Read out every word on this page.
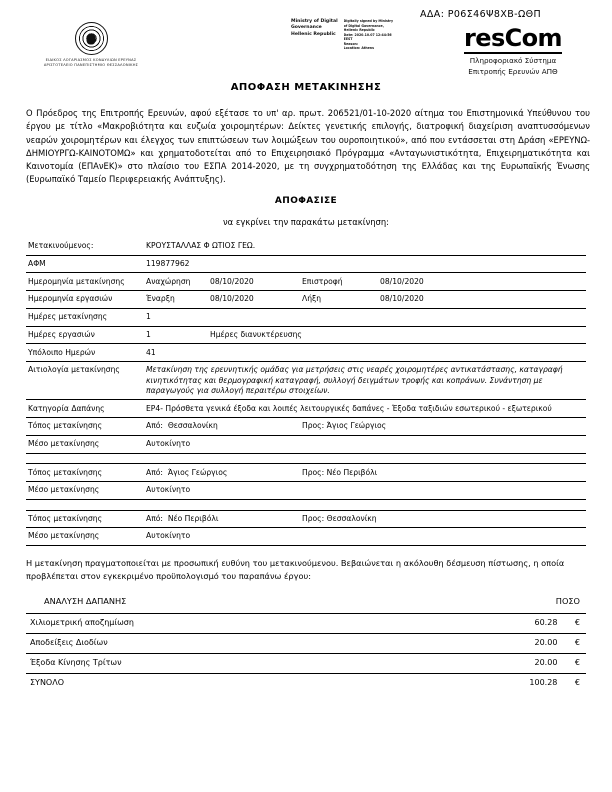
ΑΔΑ: Ρ06Σ46Ψ8ΧΒ-ΩΘΠ
ΕΙΔΙΚΟΣ ΛΟΓΑΡΙΑΣΜΟΣ ΚΟΝΔΥΛΙΩΝ ΕΡΕΥΝΑΣ
ΑΡΙΣΤΟΤΕΛΕΙΟ ΠΑΝΕΠΙΣΤΗΜΙΟ ΘΕΣΣΑΛΟΝΙΚΗΣ
Ministry of Digital
Governance
Hellenic Republic
Digitally signed by Ministry
of Digital Governance,
Hellenic Republic
Date: 2020.10.07 12:44:56
EEST
Reason:
Location: Athens	resCom
Πληροφοριακό Σύστημα
Επιτροπής Ερευνών ΑΠΘ
ΑΠΟΦΑΣΗ ΜΕΤΑΚΙΝΗΣΗΣ
Ο Πρόεδρος της Επιτροπής Ερευνών, αφού εξέτασε το υπ' αρ. πρωτ. 206521/01-10-2020 αίτημα του Επιστημονικά Υπεύθυνου του έργου με τίτλο «Μακροβιότητα και ευζωία χοιρομητέρων: Δείκτες γενετικής επιλογής, διατροφική διαχείριση αναπτυσσόμενων νεαρών χοιρομητέρων και έλεγχος των επιπτώσεων των λοιμώξεων του ουροποιητικού», από που εντάσσεται στη Δράση «ΕΡΕΥΝΩ-ΔΗΜΙΟΥΡΓΩ-ΚΑΙΝΟΤΟΜΩ» και χρηματοδοτείται από το Επιχειρησιακό Πρόγραμμα «Ανταγωνιστικότητα, Επιχειρηματικότητα και Καινοτομία (ΕΠΑνΕΚ)» στο πλαίσιο του ΕΣΠΑ 2014-2020, με τη συγχρηματοδότηση της Ελλάδας και της Ευρωπαϊκής Ένωσης (Ευρωπαϊκό Ταμείο Περιφερειακής Ανάπτυξης).
ΑΠΟΦΑΣΙΣΕ
να εγκρίνει την παρακάτω μετακίνηση:
Μετακινούμενος:	ΚΡΟΥΣΤΑΛΛΑΣ Φ ΩΤΙΟΣ ΓΕΩ.			
ΑΦΜ	119877962			
Ημερομηνία μετακίνησης	Αναχώρηση	08/10/2020	Επιστροφή	08/10/2020
Ημερομηνία εργασιών	Έναρξη	08/10/2020	Λήξη	08/10/2020
Ημέρες μετακίνησης	1			
Ημέρες εργασιών	1	Ημέρες διανυκτέρευσης		
Υπόλοιπο Ημερών	41			
Αιτιολογία μετακίνησης	Μετακίνηση της ερευνητικής ομάδας για μετρήσεις στις νεαρές χοιρομητέρες αντικατάστασης, καταγραφή κινητικότητας και θερμογραφική καταγραφή, συλλογή δειγμάτων τροφής και κοπράνων. Συνάντηση με παραγωγούς για συλλογή περαιτέρω στοιχείων.			
Κατηγορία Δαπάνης	EP4- Πρόσθετα γενικά έξοδα και λοιπές λειτουργικές δαπάνες - Έξοδα ταξιδιών εσωτερικού - εξωτερικού			
Τόπος μετακίνησης	Από: Θεσσαλονίκη		Προς: Άγιος Γεώργιος	
Μέσο μετακίνησης	Αυτοκίνητο			

Τόπος μετακίνησης	Από: Άγιος Γεώργιος		Προς: Νέο Περιβόλι	
Μέσο μετακίνησης	Αυτοκίνητο			

Τόπος μετακίνησης	Από: Νέο Περιβόλι		Προς: Θεσσαλονίκη	
Μέσο μετακίνησης	Αυτοκίνητο			
Η μετακίνηση πραγματοποιείται με προσωπική ευθύνη του μετακινούμενου. Βεβαιώνεται η ακόλουθη δέσμευση πίστωσης, η οποία προβλέπεται στον εγκεκριμένο προϋπολογισμό του παραπάνω έργου:
ΑΝΑΛΥΣΗ ΔΑΠΑΝΗΣ	ΠΟΣΟ
Χιλιομετρική αποζημίωση	60.28	€
Αποδείξεις Διοδίων	20.00	€
Έξοδα Κίνησης Τρίτων	20.00	€
ΣΥΝΟΛΟ	100.28	€
